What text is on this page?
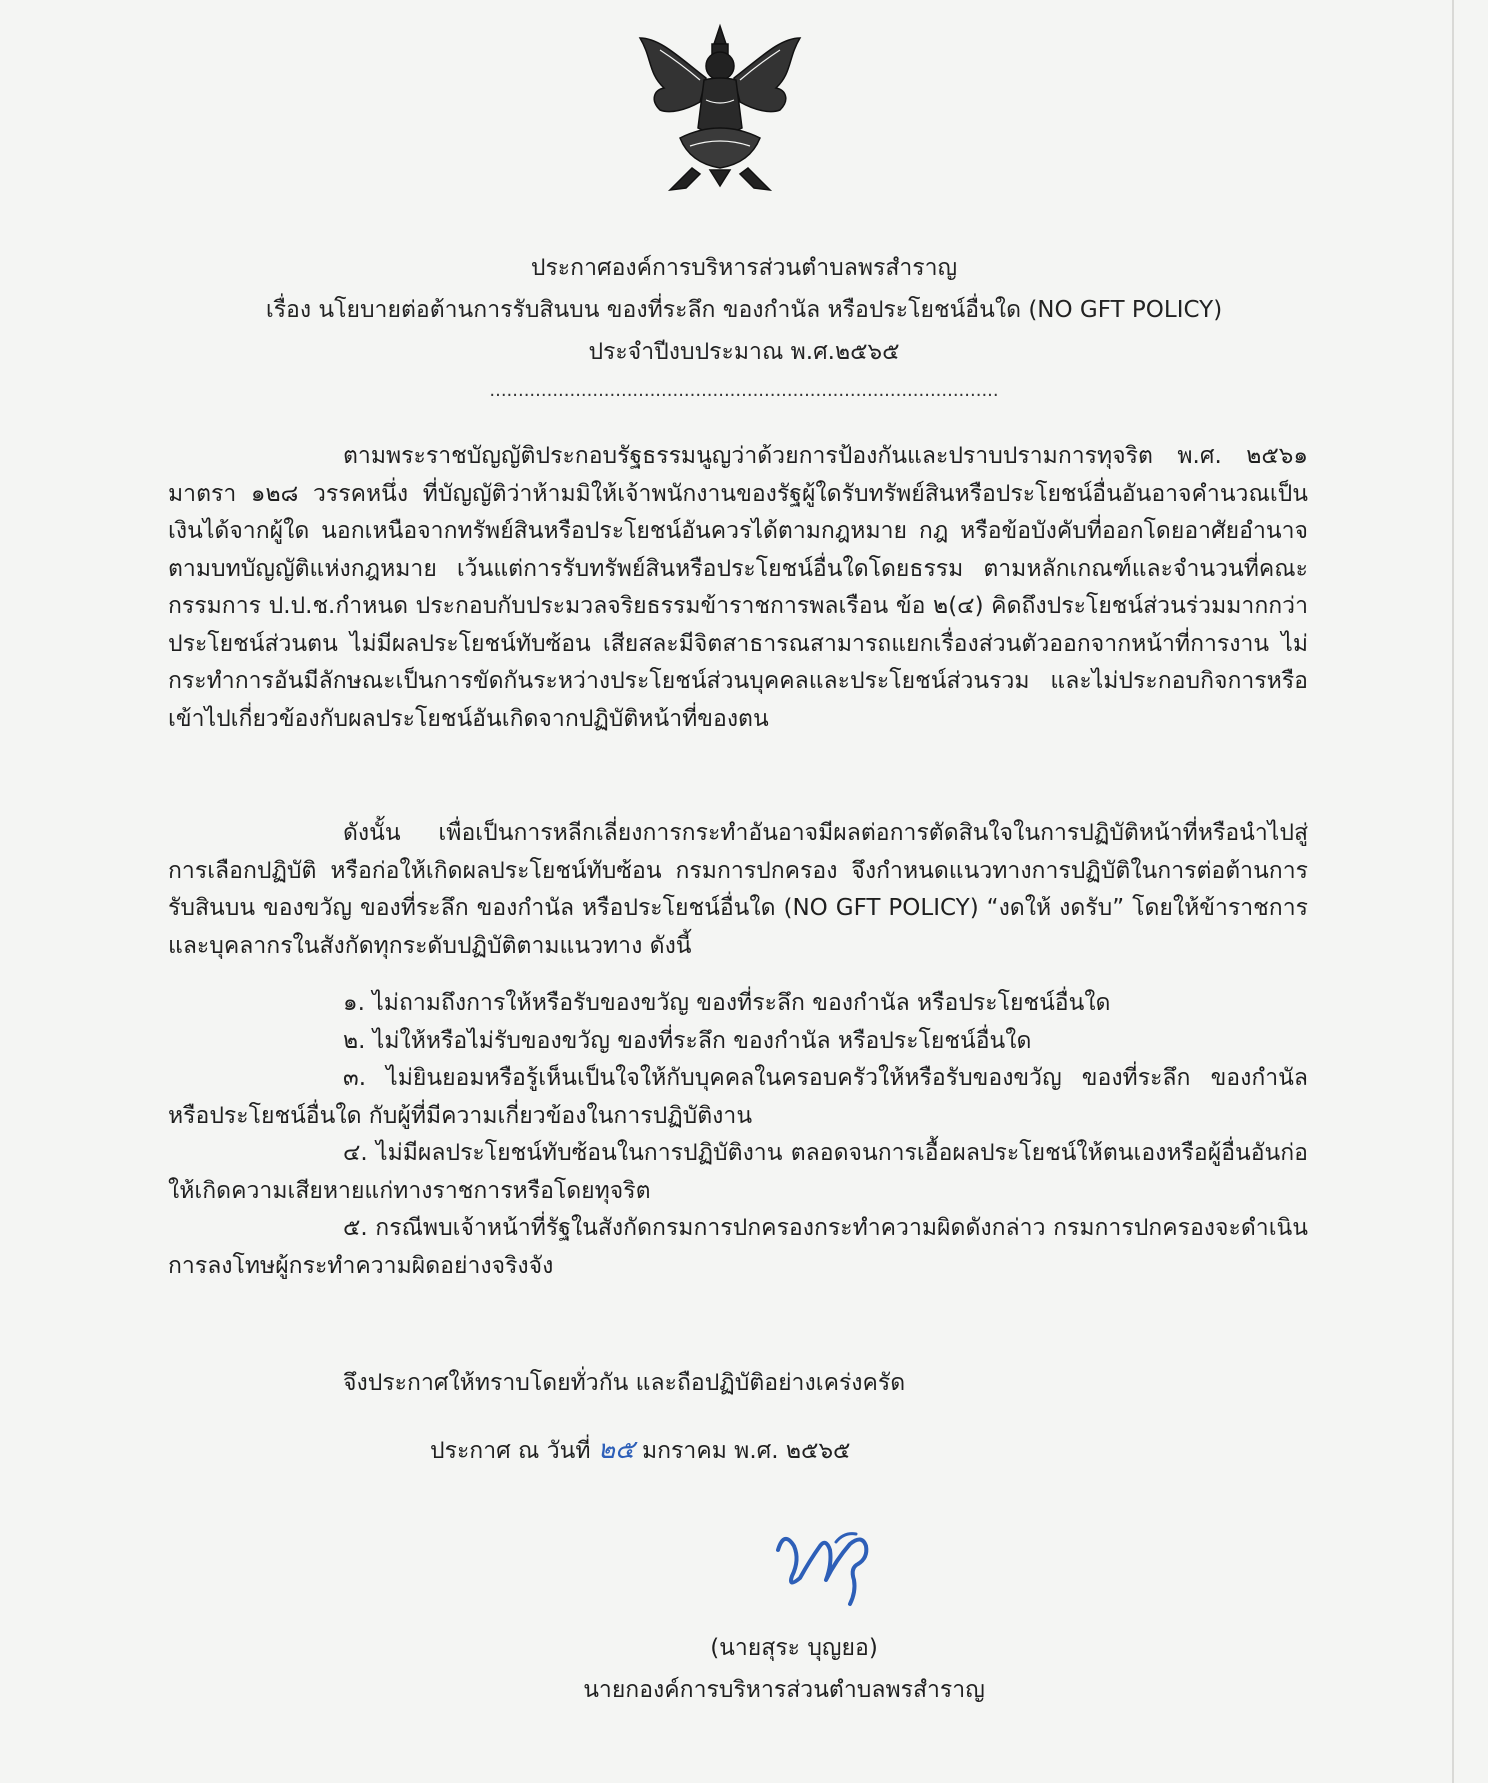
ประกาศองค์การบริหารส่วนตำบลพรสำราญ
เรื่อง นโยบายต่อต้านการรับสินบน ของที่ระลึก ของกำนัล หรือประโยชน์อื่นใด (NO GFT POLICY)
ประจำปีงบประมาณ พ.ศ.๒๕๖๕
.........................................................................................

ตามพระราชบัญญัติประกอบรัฐธรรมนูญว่าด้วยการป้องกันและปราบปรามการทุจริต พ.ศ. ๒๕๖๑ มาตรา ๑๒๘ วรรคหนึ่ง ที่บัญญัติว่าห้ามมิให้เจ้าพนักงานของรัฐผู้ใดรับทรัพย์สินหรือประโยชน์อื่นอันอาจคำนวณเป็นเงินได้จากผู้ใด นอกเหนือจากทรัพย์สินหรือประโยชน์อันควรได้ตามกฎหมาย กฎ หรือข้อบังคับที่ออกโดยอาศัยอำนาจตามบทบัญญัติแห่งกฎหมาย เว้นแต่การรับทรัพย์สินหรือประโยชน์อื่นใดโดยธรรม ตามหลักเกณฑ์และจำนวนที่คณะกรรมการ ป.ป.ช.กำหนด ประกอบกับประมวลจริยธรรมข้าราชการพลเรือน ข้อ ๒(๔) คิดถึงประโยชน์ส่วนร่วมมากกว่าประโยชน์ส่วนตน ไม่มีผลประโยชน์ทับซ้อน เสียสละมีจิตสาธารณสามารถแยกเรื่องส่วนตัวออกจากหน้าที่การงาน ไม่กระทำการอันมีลักษณะเป็นการขัดกันระหว่างประโยชน์ส่วนบุคคลและประโยชน์ส่วนรวม และไม่ประกอบกิจการหรือเข้าไปเกี่ยวข้องกับผลประโยชน์อันเกิดจากปฏิบัติหน้าที่ของตน

ดังนั้น เพื่อเป็นการหลีกเลี่ยงการกระทำอันอาจมีผลต่อการตัดสินใจในการปฏิบัติหน้าที่หรือนำไปสู่การเลือกปฏิบัติ หรือก่อให้เกิดผลประโยชน์ทับซ้อน กรมการปกครอง จึงกำหนดแนวทางการปฏิบัติในการต่อต้านการรับสินบน ของขวัญ ของที่ระลึก ของกำนัล หรือประโยชน์อื่นใด (NO GFT POLICY) “งดให้ งดรับ” โดยให้ข้าราชการและบุคลากรในสังกัดทุกระดับปฏิบัติตามแนวทาง ดังนี้

๑. ไม่ถามถึงการให้หรือรับของขวัญ ของที่ระลึก ของกำนัล หรือประโยชน์อื่นใด

๒. ไม่ให้หรือไม่รับของขวัญ ของที่ระลึก ของกำนัล หรือประโยชน์อื่นใด

๓. ไม่ยินยอมหรือรู้เห็นเป็นใจให้กับบุคคลในครอบครัวให้หรือรับของขวัญ ของที่ระลึก ของกำนัลหรือประโยชน์อื่นใด กับผู้ที่มีความเกี่ยวข้องในการปฏิบัติงาน

๔. ไม่มีผลประโยชน์ทับซ้อนในการปฏิบัติงาน ตลอดจนการเอื้อผลประโยชน์ให้ตนเองหรือผู้อื่นอันก่อให้เกิดความเสียหายแก่ทางราชการหรือโดยทุจริต

๕. กรณีพบเจ้าหน้าที่รัฐในสังกัดกรมการปกครองกระทำความผิดดังกล่าว กรมการปกครองจะดำเนินการลงโทษผู้กระทำความผิดอย่างจริงจัง

จึงประกาศให้ทราบโดยทั่วกัน และถือปฏิบัติอย่างเคร่งครัด

ประกาศ ณ วันที่ ๒๕ มกราคม พ.ศ. ๒๕๖๕
(นายสุระ บุญยอ)
นายกองค์การบริหารส่วนตำบลพรสำราญ
